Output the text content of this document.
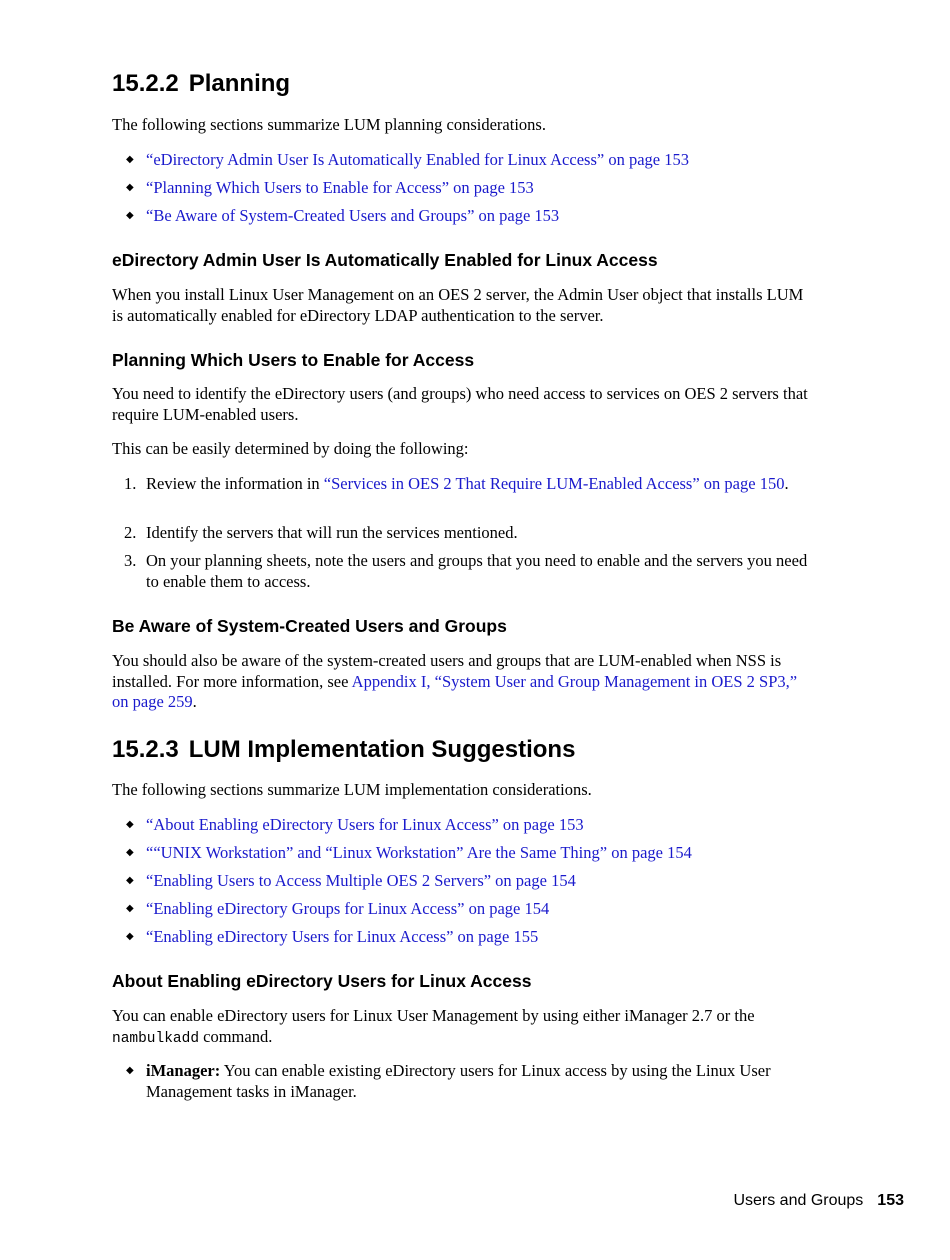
15.2.2 Planning
The following sections summarize LUM planning considerations.
◆ “eDirectory Admin User Is Automatically Enabled for Linux Access” on page 153
◆ “Planning Which Users to Enable for Access” on page 153
◆ “Be Aware of System-Created Users and Groups” on page 153
eDirectory Admin User Is Automatically Enabled for Linux Access
When you install Linux User Management on an OES 2 server, the Admin User object that installs LUM is automatically enabled for eDirectory LDAP authentication to the server.
Planning Which Users to Enable for Access
You need to identify the eDirectory users (and groups) who need access to services on OES 2 servers that require LUM-enabled users.
This can be easily determined by doing the following:
1. Review the information in “Services in OES 2 That Require LUM-Enabled Access” on page 150.
2. Identify the servers that will run the services mentioned.
3. On your planning sheets, note the users and groups that you need to enable and the servers you need to enable them to access.
Be Aware of System-Created Users and Groups
You should also be aware of the system-created users and groups that are LUM-enabled when NSS is installed. For more information, see Appendix I, “System User and Group Management in OES 2 SP3,” on page 259.
15.2.3 LUM Implementation Suggestions
The following sections summarize LUM implementation considerations.
◆ “About Enabling eDirectory Users for Linux Access” on page 153
◆ ““UNIX Workstation” and “Linux Workstation” Are the Same Thing” on page 154
◆ “Enabling Users to Access Multiple OES 2 Servers” on page 154
◆ “Enabling eDirectory Groups for Linux Access” on page 154
◆ “Enabling eDirectory Users for Linux Access” on page 155
About Enabling eDirectory Users for Linux Access
You can enable eDirectory users for Linux User Management by using either iManager 2.7 or the nambulkadd command.
◆ iManager: You can enable existing eDirectory users for Linux access by using the Linux User Management tasks in iManager.
Users and Groups 153
